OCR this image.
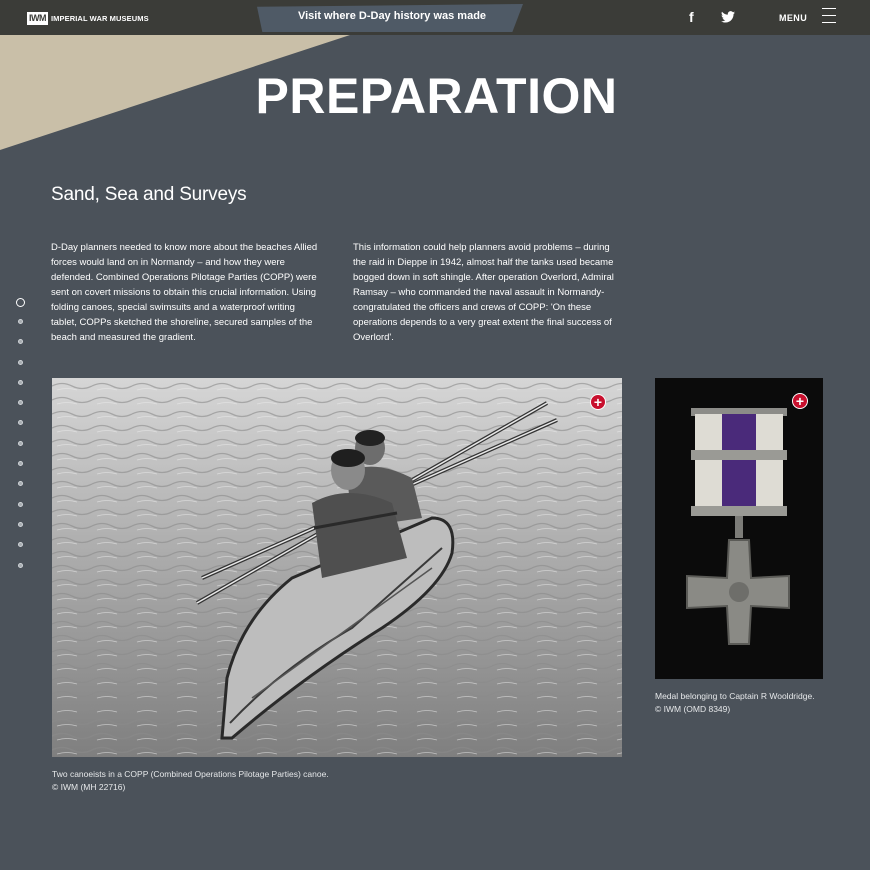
IWM IMPERIAL WAR MUSEUMS	Visit where D-Day history was made	f	MENU
PREPARATION
Sand, Sea and Surveys

D-Day planners needed to know more about the beaches Allied forces would land on in Normandy – and how they were defended. Combined Operations Pilotage Parties (COPP) were sent on covert missions to obtain this crucial information. Using folding canoes, special swimsuits and a waterproof writing tablet, COPPs sketched the shoreline, secured samples of the beach and measured the gradient.

This information could help planners avoid problems – during the raid in Dieppe in 1942, almost half the tanks used became bogged down in soft shingle. After operation Overlord, Admiral Ramsay – who commanded the naval assault in Normandy- congratulated the officers and crews of COPP: 'On these operations depends to a very great extent the final success of Overlord'.

+	+
Two canoeists in a COPP (Combined Operations Pilotage Parties) canoe.
© IWM (MH 22716)
Medal belonging to Captain R Wooldridge.
© IWM (OMD 8349)
